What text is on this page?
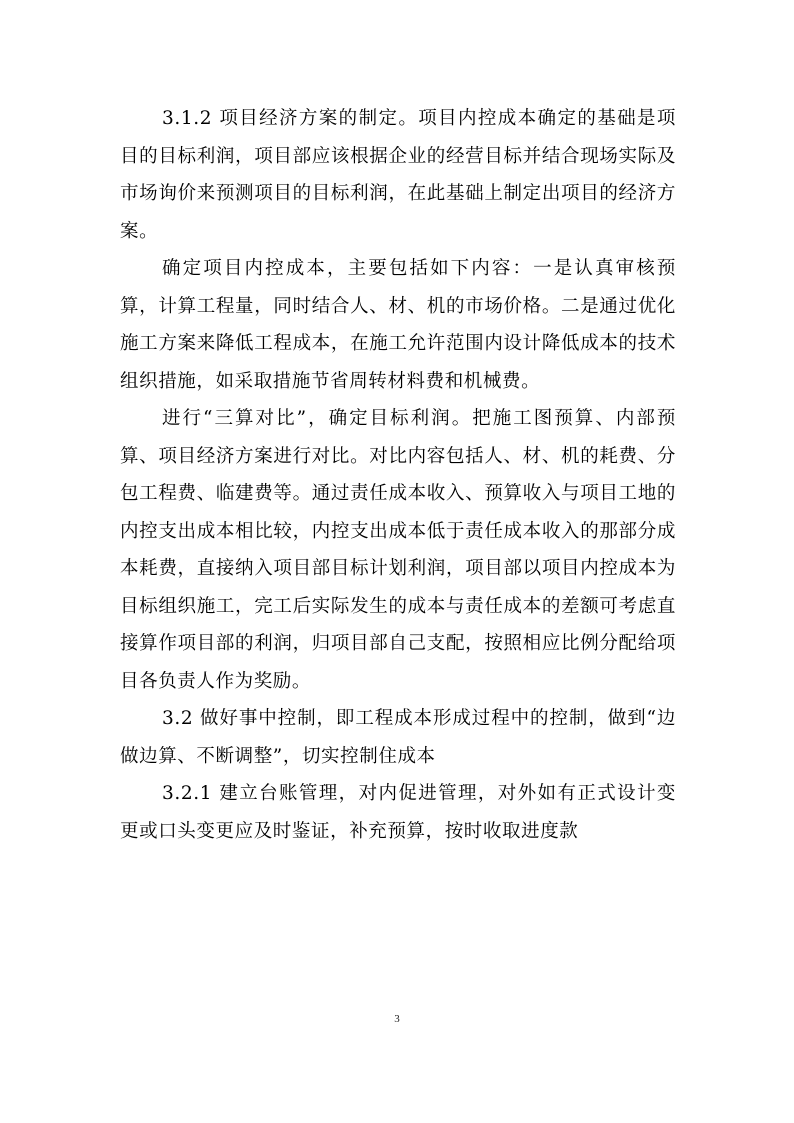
3.1.2 项目经济方案的制定。项目内控成本确定的基础是项目的目标利润，项目部应该根据企业的经营目标并结合现场实际及市场询价来预测项目的目标利润，在此基础上制定出项目的经济方案。

确定项目内控成本，主要包括如下内容：一是认真审核预算，计算工程量，同时结合人、材、机的市场价格。二是通过优化施工方案来降低工程成本，在施工允许范围内设计降低成本的技术组织措施，如采取措施节省周转材料费和机械费。

进行“三算对比”，确定目标利润。把施工图预算、内部预算、项目经济方案进行对比。对比内容包括人、材、机的耗费、分包工程费、临建费等。通过责任成本收入、预算收入与项目工地的内控支出成本相比较，内控支出成本低于责任成本收入的那部分成本耗费，直接纳入项目部目标计划利润，项目部以项目内控成本为目标组织施工，完工后实际发生的成本与责任成本的差额可考虑直接算作项目部的利润，归项目部自己支配，按照相应比例分配给项目各负责人作为奖励。

3.2 做好事中控制，即工程成本形成过程中的控制，做到“边做边算、不断调整”，切实控制住成本

3.2.1 建立台账管理，对内促进管理，对外如有正式设计变更或口头变更应及时鉴证，补充预算，按时收取进度款

3
